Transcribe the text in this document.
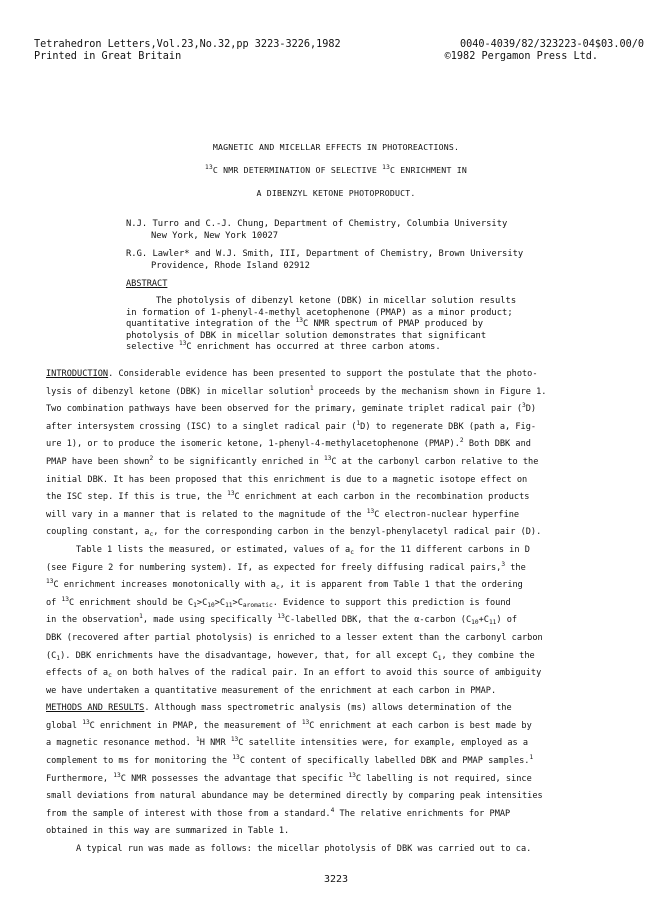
Tetrahedron Letters,Vol.23,No.32,pp 3223-3226,1982	0040-4039/82/323223-04$03.00/0
Printed in Great Britain	©1982 Pergamon Press Ltd.
MAGNETIC AND MICELLAR EFFECTS IN PHOTOREACTIONS.
$^{13}$C NMR DETERMINATION OF SELECTIVE $^{13}$C ENRICHMENT IN
A DIBENZYL KETONE PHOTOPRODUCT.
N.J. Turro and C.-J. Chung, Department of Chemistry, Columbia University
New York, New York 10027
R.G. Lawler* and W.J. Smith, III, Department of Chemistry, Brown University
Providence, Rhode Island 02912
ABSTRACT
The photolysis of dibenzyl ketone (DBK) in micellar solution results
in formation of 1-phenyl-4-methyl acetophenone (PMAP) as a minor product;
quantitative integration of the $^{13}$C NMR spectrum of PMAP produced by
photolysis of DBK in micellar solution demonstrates that significant
selective $^{13}$C enrichment has occurred at three carbon atoms.
INTRODUCTION. Considerable evidence has been presented to support the postulate that the photo-
lysis of dibenzyl ketone (DBK) in micellar solution$^1$ proceeds by the mechanism shown in Figure 1.
Two combination pathways have been observed for the primary, geminate triplet radical pair ($^3$D)
after intersystem crossing (ISC) to a singlet radical pair ($^1$D) to regenerate DBK (path a, Fig-
ure 1), or to produce the isomeric ketone, 1-phenyl-4-methylacetophenone (PMAP).$^2$ Both DBK and
PMAP have been shown$^2$ to be significantly enriched in $^{13}$C at the carbonyl carbon relative to the
initial DBK. It has been proposed that this enrichment is due to a magnetic isotope effect on
the ISC step. If this is true, the $^{13}$C enrichment at each carbon in the recombination products
will vary in a manner that is related to the magnitude of the $^{13}$C electron-nuclear hyperfine
coupling constant, $a_c$, for the corresponding carbon in the benzyl-phenylacetyl radical pair (D).
Table 1 lists the measured, or estimated, values of $a_c$ for the 11 different carbons in D
(see Figure 2 for numbering system). If, as expected for freely diffusing radical pairs,$^3$ the
$^{13}$C enrichment increases monotonically with $a_c$, it is apparent from Table 1 that the ordering
of $^{13}$C enrichment should be $C_1>C_{10}>C_{11}>C_{aromatic}$. Evidence to support this prediction is found
in the observation$^1$, made using specifically $^{13}$C-labelled DBK, that the α-carbon $(C_{10}+C_{11})$ of
DBK (recovered after partial photolysis) is enriched to a lesser extent than the carbonyl carbon
$(C_1)$. DBK enrichments have the disadvantage, however, that, for all except $C_1$, they combine the
effects of $a_c$ on both halves of the radical pair. In an effort to avoid this source of ambiguity
we have undertaken a quantitative measurement of the enrichment at each carbon in PMAP.
METHODS AND RESULTS. Although mass spectrometric analysis (ms) allows determination of the
global $^{13}$C enrichment in PMAP, the measurement of $^{13}$C enrichment at each carbon is best made by
a magnetic resonance method. $^1$H NMR $^{13}$C satellite intensities were, for example, employed as a
complement to ms for monitoring the $^{13}$C content of specifically labelled DBK and PMAP samples.$^1$
Furthermore, $^{13}$C NMR possesses the advantage that specific $^{13}$C labelling is not required, since
small deviations from natural abundance may be determined directly by comparing peak intensities
from the sample of interest with those from a standard.$^4$ The relative enrichments for PMAP
obtained in this way are summarized in Table 1.
A typical run was made as follows: the micellar photolysis of DBK was carried out to ca.
3223
